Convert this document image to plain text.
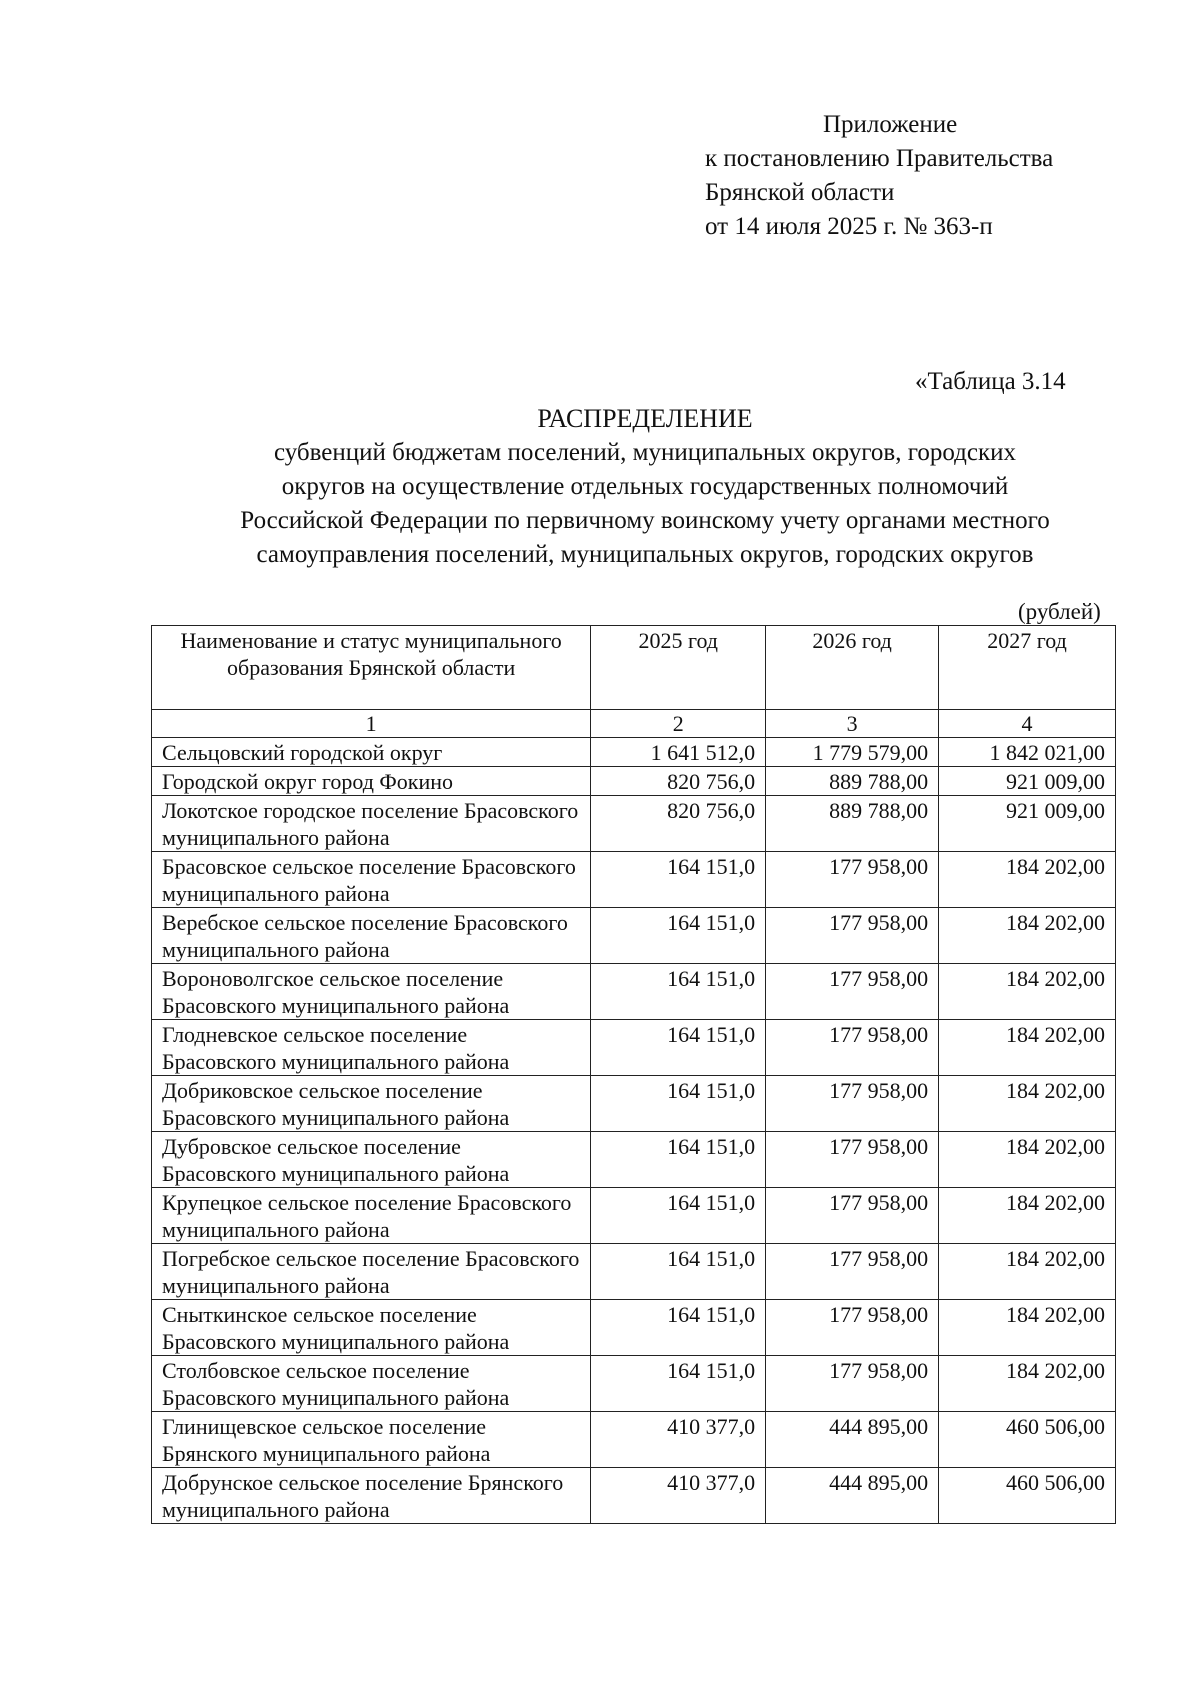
Приложение
к постановлению Правительства
Брянской области
от 14 июля 2025 г. № 363-п
«Таблица 3.14
РАСПРЕДЕЛЕНИЕ
субвенций бюджетам поселений, муниципальных округов, городских
округов на осуществление отдельных государственных полномочий
Российской Федерации по первичному воинскому учету органами местного
самоуправления поселений, муниципальных округов, городских округов
(рублей)
Наименование и статус муниципального образования Брянской области	2025 год	2026 год	2027 год
1	2	3	4
Сельцовский городской округ	1 641 512,0	1 779 579,00	1 842 021,00
Городской округ город Фокино	820 756,0	889 788,00	921 009,00
Локотское городское поселение Брасовского муниципального района	820 756,0	889 788,00	921 009,00
Брасовское сельское поселение Брасовского муниципального района	164 151,0	177 958,00	184 202,00
Веребское сельское поселение Брасовского муниципального района	164 151,0	177 958,00	184 202,00
Вороноволгское сельское поселение Брасовского муниципального района	164 151,0	177 958,00	184 202,00
Глодневское сельское поселение Брасовского муниципального района	164 151,0	177 958,00	184 202,00
Добриковское сельское поселение Брасовского муниципального района	164 151,0	177 958,00	184 202,00
Дубровское сельское поселение Брасовского муниципального района	164 151,0	177 958,00	184 202,00
Крупецкое сельское поселение Брасовского муниципального района	164 151,0	177 958,00	184 202,00
Погребское сельское поселение Брасовского муниципального района	164 151,0	177 958,00	184 202,00
Сныткинское сельское поселение Брасовского муниципального района	164 151,0	177 958,00	184 202,00
Столбовское сельское поселение Брасовского муниципального района	164 151,0	177 958,00	184 202,00
Глинищевское сельское поселение Брянского муниципального района	410 377,0	444 895,00	460 506,00
Добрунское сельское поселение Брянского муниципального района	410 377,0	444 895,00	460 506,00
